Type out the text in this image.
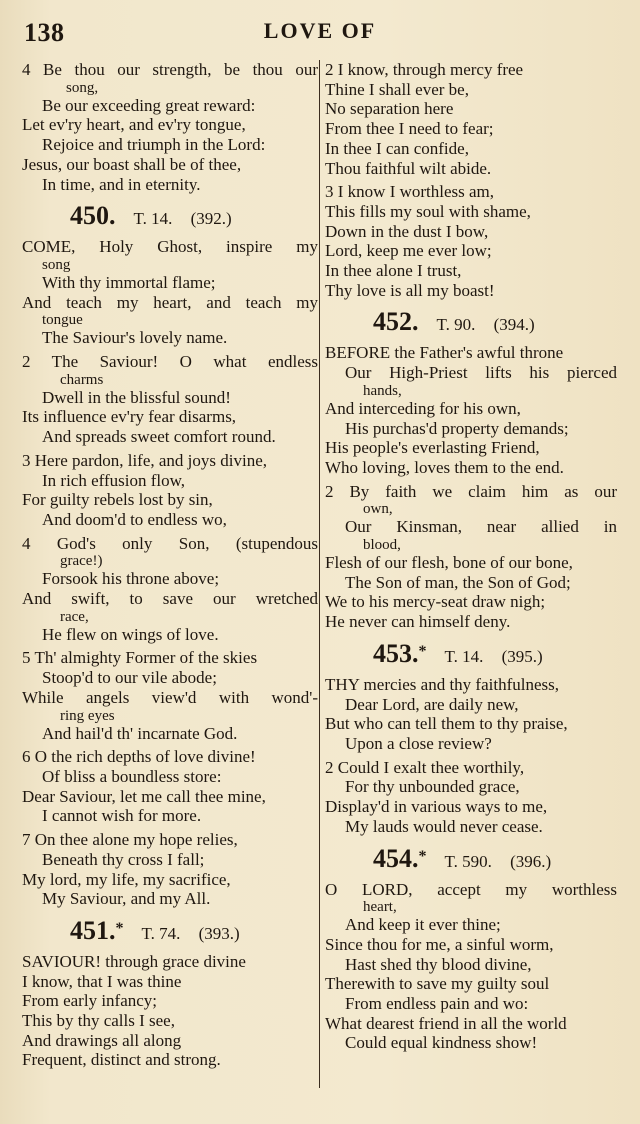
138	LOVE OF
4 Be thou our strength, be thou our
song,
Be our exceeding great reward:
Let ev'ry heart, and ev'ry tongue,
Rejoice and triumph in the Lord:
Jesus, our boast shall be of thee,
In time, and in eternity.
450. T. 14. (392.)
COME, Holy Ghost, inspire my
song
With thy immortal flame;
And teach my heart, and teach my
tongue
The Saviour's lovely name.
2 The Saviour! O what endless
charms
Dwell in the blissful sound!
Its influence ev'ry fear disarms,
And spreads sweet comfort round.
3 Here pardon, life, and joys divine,
In rich effusion flow,
For guilty rebels lost by sin,
And doom'd to endless wo,
4 God's only Son, (stupendous
grace!)
Forsook his throne above;
And swift, to save our wretched
race,
He flew on wings of love.
5 Th' almighty Former of the skies
Stoop'd to our vile abode;
While angels view'd with wond'-
ring eyes
And hail'd th' incarnate God.
6 O the rich depths of love divine!
Of bliss a boundless store:
Dear Saviour, let me call thee mine,
I cannot wish for more.
7 On thee alone my hope relies,
Beneath thy cross I fall;
My lord, my life, my sacrifice,
My Saviour, and my All.
451.* T. 74. (393.)
SAVIOUR! through grace divine
I know, that I was thine
From early infancy;
This by thy calls I see,
And drawings all along
Frequent, distinct and strong.
2 I know, through mercy free
Thine I shall ever be,
No separation here
From thee I need to fear;
In thee I can confide,
Thou faithful wilt abide.
3 I know I worthless am,
This fills my soul with shame,
Down in the dust I bow,
Lord, keep me ever low;
In thee alone I trust,
Thy love is all my boast!
452. T. 90. (394.)
BEFORE the Father's awful throne
Our High-Priest lifts his pierced
hands,
And interceding for his own,
His purchas'd property demands;
His people's everlasting Friend,
Who loving, loves them to the end.
2 By faith we claim him as our
own,
Our Kinsman, near allied in
blood,
Flesh of our flesh, bone of our bone,
The Son of man, the Son of God;
We to his mercy-seat draw nigh;
He never can himself deny.
453.* T. 14. (395.)
THY mercies and thy faithfulness,
Dear Lord, are daily new,
But who can tell them to thy praise,
Upon a close review?
2 Could I exalt thee worthily,
For thy unbounded grace,
Display'd in various ways to me,
My lauds would never cease.
454.* T. 590. (396.)
O LORD, accept my worthless
heart,
And keep it ever thine;
Since thou for me, a sinful worm,
Hast shed thy blood divine,
Therewith to save my guilty soul
From endless pain and wo:
What dearest friend in all the world
Could equal kindness show!
